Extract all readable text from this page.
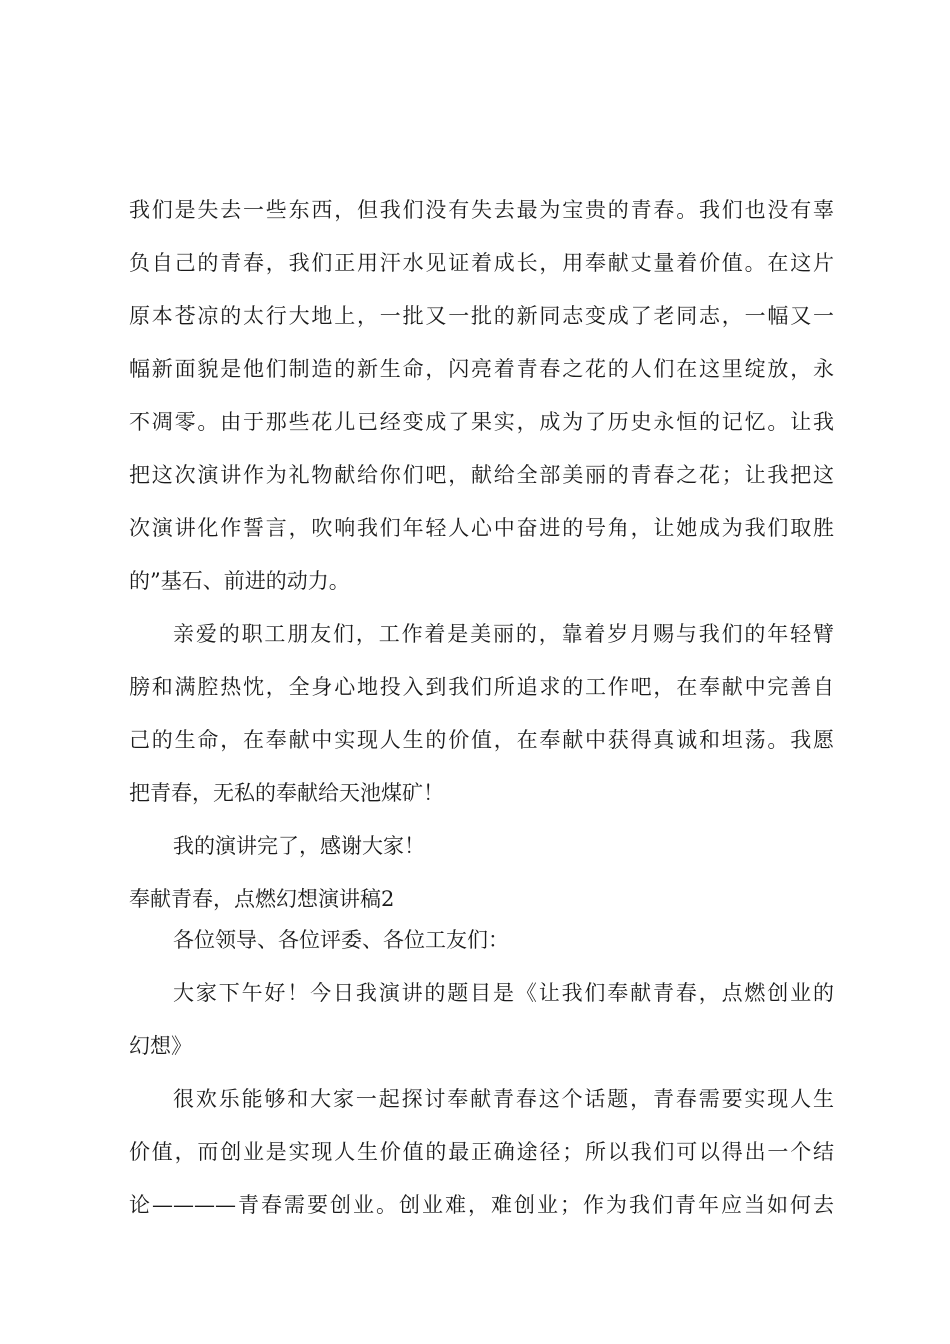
我们是失去一些东西，但我们没有失去最为宝贵的青春。我们也没有辜
负自己的青春，我们正用汗水见证着成长，用奉献丈量着价值。在这片
原本苍凉的太行大地上，一批又一批的新同志变成了老同志，一幅又一
幅新面貌是他们制造的新生命，闪亮着青春之花的人们在这里绽放，永
不凋零。由于那些花儿已经变成了果实，成为了历史永恒的记忆。让我
把这次演讲作为礼物献给你们吧，献给全部美丽的青春之花；让我把这
次演讲化作誓言，吹响我们年轻人心中奋进的号角，让她成为我们取胜
的”基石、前进的动力。
亲爱的职工朋友们，工作着是美丽的，靠着岁月赐与我们的年轻臂
膀和满腔热忱，全身心地投入到我们所追求的工作吧，在奉献中完善自
己的生命，在奉献中实现人生的价值，在奉献中获得真诚和坦荡。我愿
把青春，无私的奉献给天池煤矿！
我的演讲完了，感谢大家！
奉献青春，点燃幻想演讲稿2
各位领导、各位评委、各位工友们：
大家下午好！今日我演讲的题目是《让我们奉献青春，点燃创业的
幻想》
很欢乐能够和大家一起探讨奉献青春这个话题，青春需要实现人生
价值，而创业是实现人生价值的最正确途径；所以我们可以得出一个结
论————青春需要创业。创业难，难创业；作为我们青年应当如何去
